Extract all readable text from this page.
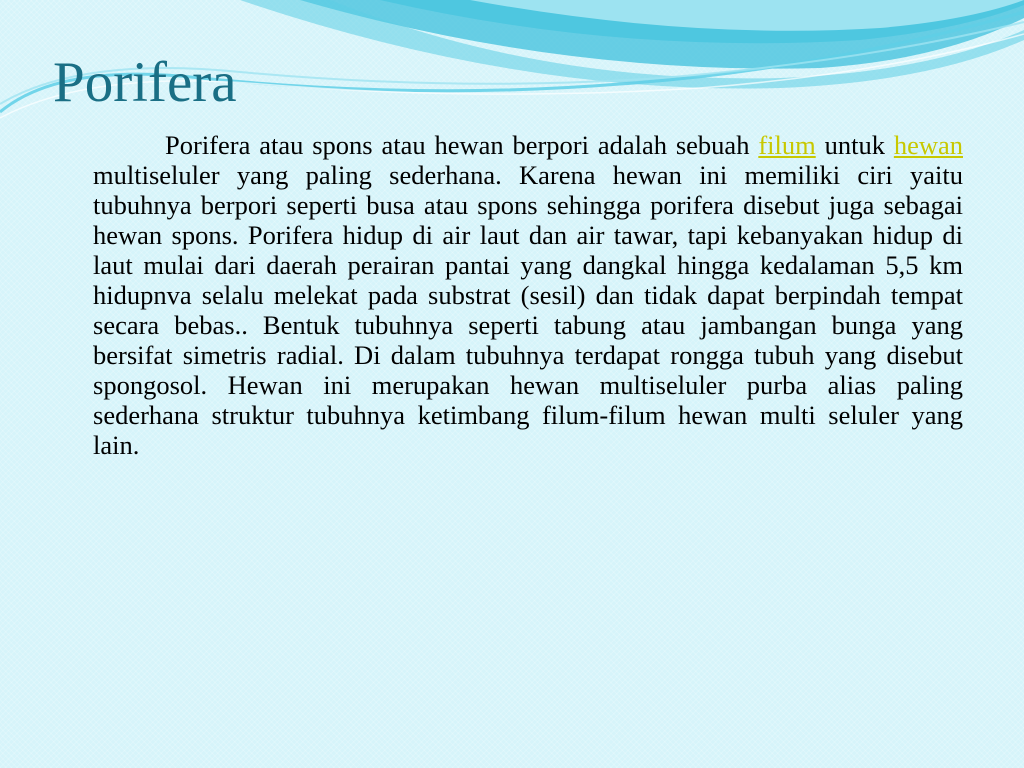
Porifera

Porifera atau spons atau hewan berpori adalah sebuah filum untuk hewan multiseluler yang paling sederhana. Karena hewan ini memiliki ciri yaitu tubuhnya berpori seperti busa atau spons sehingga porifera disebut juga sebagai hewan spons. Porifera hidup di air laut dan air tawar, tapi kebanyakan hidup di laut mulai dari daerah perairan pantai yang dangkal hingga kedalaman 5,5 km hidupnva selalu melekat pada substrat (sesil) dan tidak dapat berpindah tempat secara bebas.. Bentuk tubuhnya seperti tabung atau jambangan bunga yang bersifat simetris radial. Di dalam tubuhnya terdapat rongga tubuh yang disebut spongosol. Hewan ini merupakan hewan multiseluler purba alias paling sederhana struktur tubuhnya ketimbang filum-filum hewan multi seluler yang lain.
